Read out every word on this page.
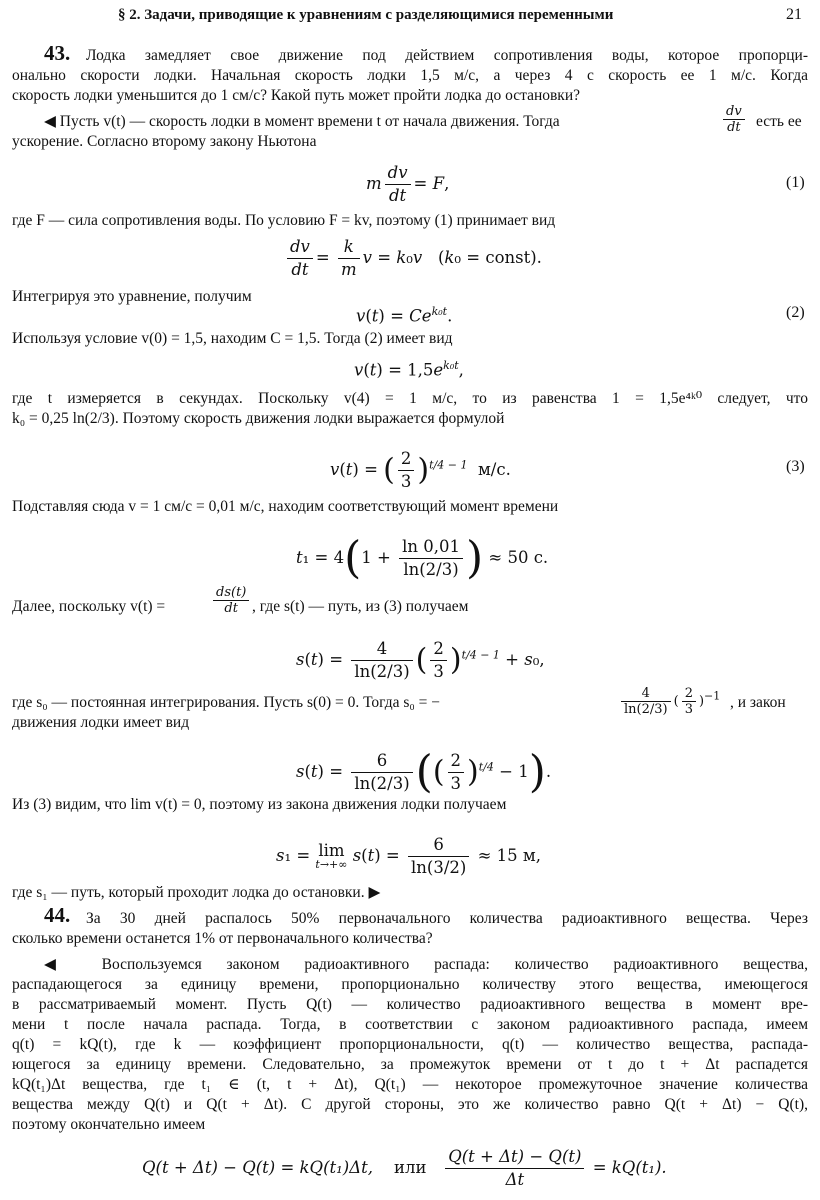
§ 2. Задачи, приводящие к уравнениям с разделяющимися переменными	21
43. Лодка замедляет свое движение под действием сопротивления воды, которое пропорци-
онально скорости лодки. Начальная скорость лодки 1,5 м/с, а через 4 с скорость ее 1 м/с. Когда
скорость лодки уменьшится до 1 см/с? Какой путь может пройти лодка до остановки?
◀ Пусть v(t) — скорость лодки в момент времени t от начала движения. Тогда	$\frac{dv}{dt}$ есть ее
ускорение. Согласно второму закону Ньютона
m $\frac{dv}{dt} = F$,	(1)
где F — сила сопротивления воды. По условию F = kv, поэтому (1) принимает вид
$\frac{dv}{dt} = \frac{k}{m}$ v = k₀v   (k₀ = const).
Интегрируя это уравнение, получим
$v(t) = Ce^{k_0t}$.	(2)
Используя условие v(0) = 1,5, находим C = 1,5. Тогда (2) имеет вид
$v(t) = 1,5e^{k_0t}$,
где t измеряется в секундах. Поскольку v(4) = 1 м/с, то из равенства 1 = 1,5e⁴ᵏ⁰ следует, что
k₀ = 0,25 ln(2/3). Поэтому скорость движения лодки выражается формулой
v(t) = ( $\frac{2}{3} )^{t/4 - 1}$ м/с.	(3)
Подставляя сюда v = 1 см/с = 0,01 м/с, находим соответствующий момент времени
$t_1 = 4(1 + \frac{\ln 0,01}{\ln(2/3)}$ ) ≈ 50 с.
Далее, поскольку v(t) =	$\frac{ds(t)}{dt}$ , где s(t) — путь, из (3) получаем
$s(t) = \frac{4}{\ln(2/3)}$ ( $\frac{2}{3} )^{t/4 - 1} + s_0$,
где s₀ — постоянная интегрирования. Пусть s(0) = 0. Тогда s₀ = −	$\frac{4}{\ln(2/3)}$ ( $\frac{2}{3} )^{-1}$ , и закон
движения лодки имеет вид
$s(t) = \frac{6}{\ln(2/3)}$ (( $\frac{2}{3} )^{t/4} - 1$).
Из (3) видим, что lim v(t) = 0, поэтому из закона движения лодки получаем
s₁ = lim
t→+∞ $s(t) = \frac{6}{\ln(3/2)} \approx 15$ м,
где s₁ — путь, который проходит лодка до остановки. ▶
44. За 30 дней распалось 50% первоначального количества радиоактивного вещества. Через
сколько времени останется 1% от первоначального количества?
◀ Воспользуемся законом радиоактивного распада: количество радиоактивного вещества,
распадающегося за единицу времени, пропорционально количеству этого вещества, имеющегося
в рассматриваемый момент. Пусть Q(t) — количество радиоактивного вещества в момент вре-
мени t после начала распада. Тогда, в соответствии с законом радиоактивного распада, имеем
q(t) = kQ(t), где k — коэффициент пропорциональности, q(t) — количество вещества, распада-
ющегося за единицу времени. Следовательно, за промежуток времени от t до t + Δt распадется
kQ(t₁)Δt вещества, где t₁ ∈ (t, t + Δt), Q(t₁) — некоторое промежуточное значение количества
вещества между Q(t) и Q(t + Δt). С другой стороны, это же количество равно Q(t + Δt) − Q(t),
поэтому окончательно имеем
Q(t + Δt) − Q(t) = kQ(t₁)Δt, или $\frac{Q(t + \Delta t) - Q(t)}{\Delta t} = kQ(t_1)$.
